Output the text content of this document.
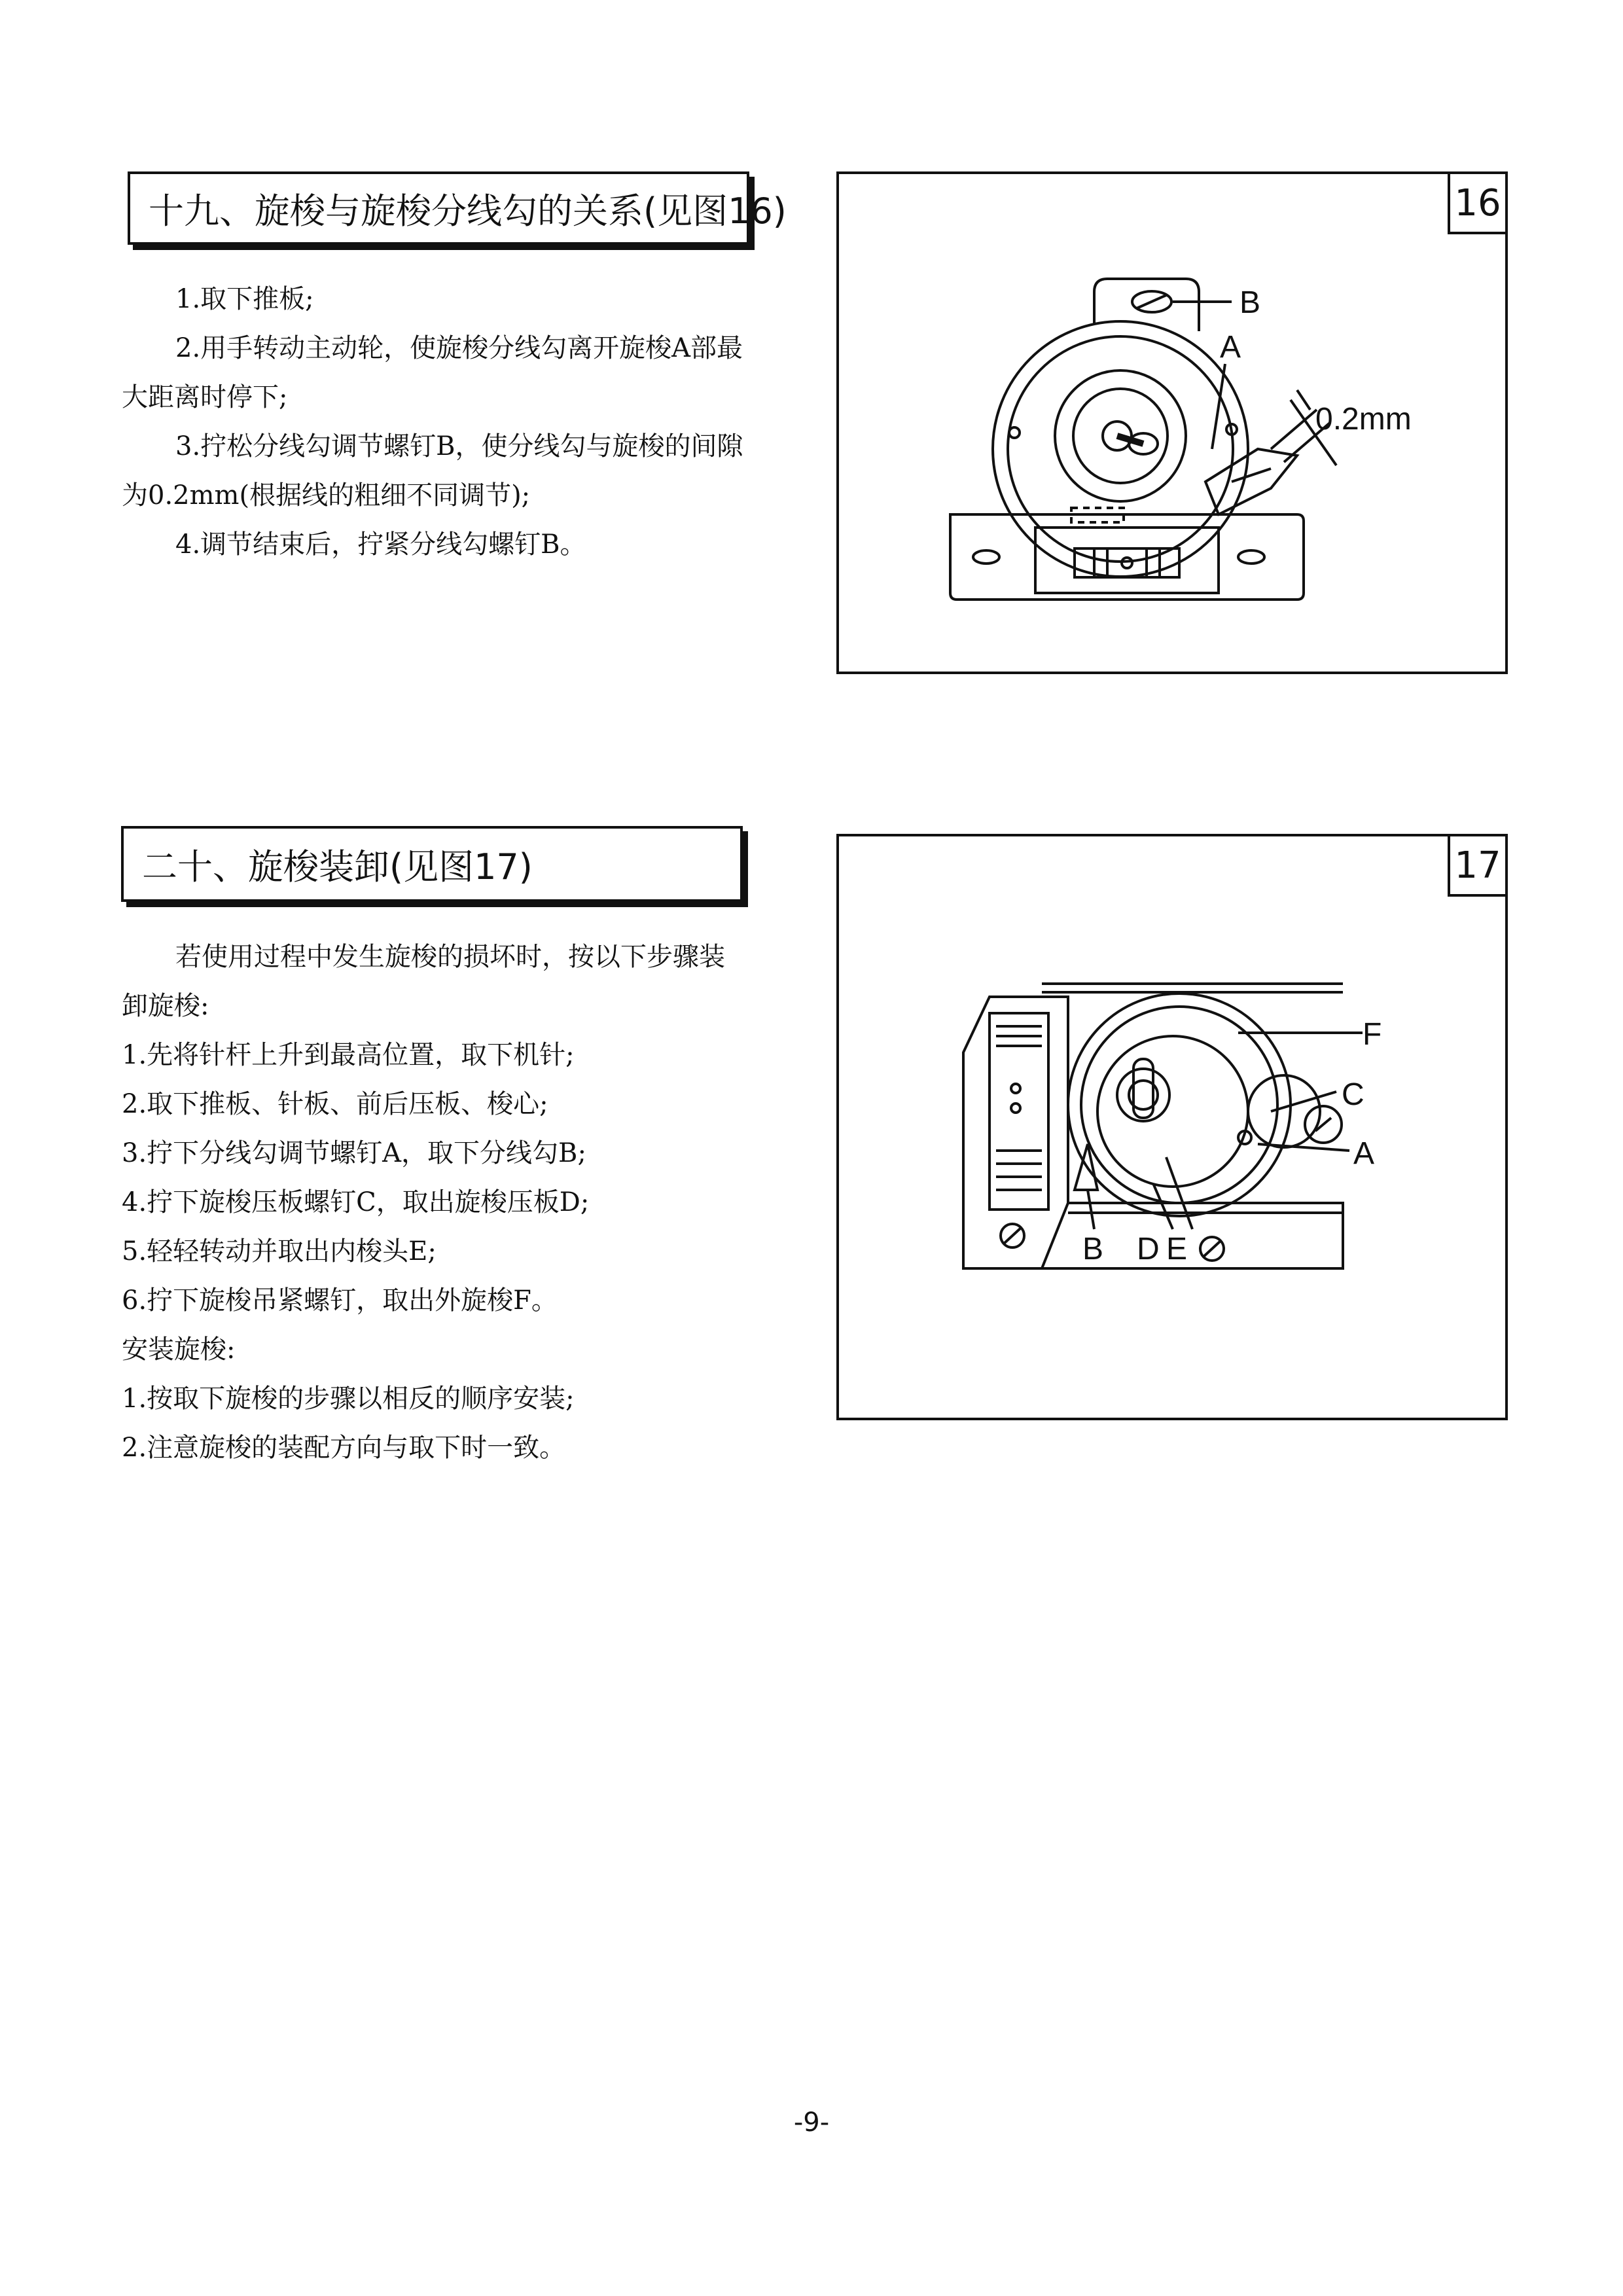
十九、旋梭与旋梭分线勾的关系(见图16)

1.取下推板;

2.用手转动主动轮，使旋梭分线勾离开旋梭A部最

大距离时停下;

3.拧松分线勾调节螺钉B，使分线勾与旋梭的间隙

为0.2mm(根据线的粗细不同调节);

4.调节结束后，拧紧分线勾螺钉B。

16
B
A
0.2mm
二十、旋梭装卸(见图17)

若使用过程中发生旋梭的损坏时，按以下步骤装

卸旋梭:

1.先将针杆上升到最高位置，取下机针;

2.取下推板、针板、前后压板、梭心;

3.拧下分线勾调节螺钉A，取下分线勾B;

4.拧下旋梭压板螺钉C，取出旋梭压板D;

5.轻轻转动并取出内梭头E;

6.拧下旋梭吊紧螺钉，取出外旋梭F。

安装旋梭:

1.按取下旋梭的步骤以相反的顺序安装;

2.注意旋梭的装配方向与取下时一致。

17
F
C
A
B D E
-9-
